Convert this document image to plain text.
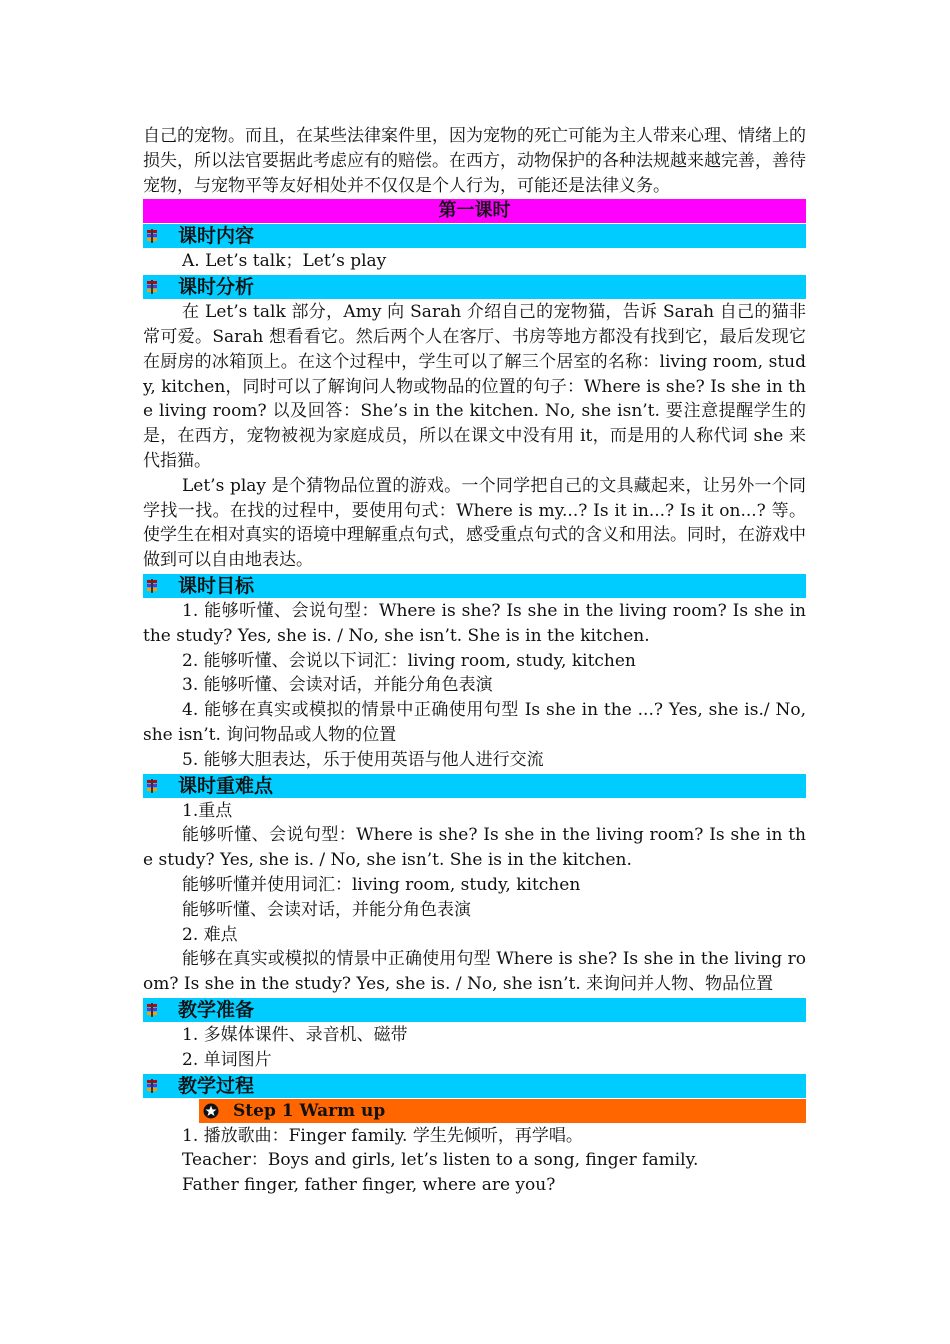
自己的宠物。而且，在某些法律案件里，因为宠物的死亡可能为主人带来心理、情绪上的损失，所以法官要据此考虑应有的赔偿。在西方，动物保护的各种法规越来越完善，善待宠物，与宠物平等友好相处并不仅仅是个人行为，可能还是法律义务。
第一课时
课时内容
A. Let’s talk；Let’s play
课时分析
在 Let’s talk 部分，Amy 向 Sarah 介绍自己的宠物猫，告诉 Sarah 自己的猫非常可爱。Sarah 想看看它。然后两个人在客厅、书房等地方都没有找到它，最后发现它在厨房的冰箱顶上。在这个过程中，学生可以了解三个居室的名称：living room, study, kitchen，同时可以了解询问人物或物品的位置的句子：Where is she? Is she in the living room? 以及回答：She’s in the kitchen. No, she isn’t. 要注意提醒学生的是，在西方，宠物被视为家庭成员，所以在课文中没有用 it，而是用的人称代词 she 来代指猫。
Let’s play 是个猜物品位置的游戏。一个同学把自己的文具藏起来，让另外一个同学找一找。在找的过程中，要使用句式：Where is my...? Is it in...? Is it on...? 等。使学生在相对真实的语境中理解重点句式，感受重点句式的含义和用法。同时，在游戏中做到可以自由地表达。
课时目标
1. 能够听懂、会说句型：Where is she? Is she in the living room? Is she in the study? Yes, she is. / No, she isn’t. She is in the kitchen.
2. 能够听懂、会说以下词汇：living room, study, kitchen
3. 能够听懂、会读对话，并能分角色表演
4. 能够在真实或模拟的情景中正确使用句型 Is she in the ...? Yes, she is./ No, she isn’t. 询问物品或人物的位置
5. 能够大胆表达，乐于使用英语与他人进行交流
课时重难点
1.重点
能够听懂、会说句型：Where is she? Is she in the living room? Is she in the study? Yes, she is. / No, she isn’t. She is in the kitchen.
能够听懂并使用词汇：living room, study, kitchen
能够听懂、会读对话，并能分角色表演
2. 难点
能够在真实或模拟的情景中正确使用句型 Where is she? Is she in the living room? Is she in the study? Yes, she is. / No, she isn’t. 来询问并人物、物品位置
教学准备
1. 多媒体课件、录音机、磁带
2. 单词图片
教学过程
Step 1 Warm up
1. 播放歌曲：Finger family. 学生先倾听，再学唱。
Teacher：Boys and girls, let’s listen to a song, finger family.
Father finger, father finger, where are you?
